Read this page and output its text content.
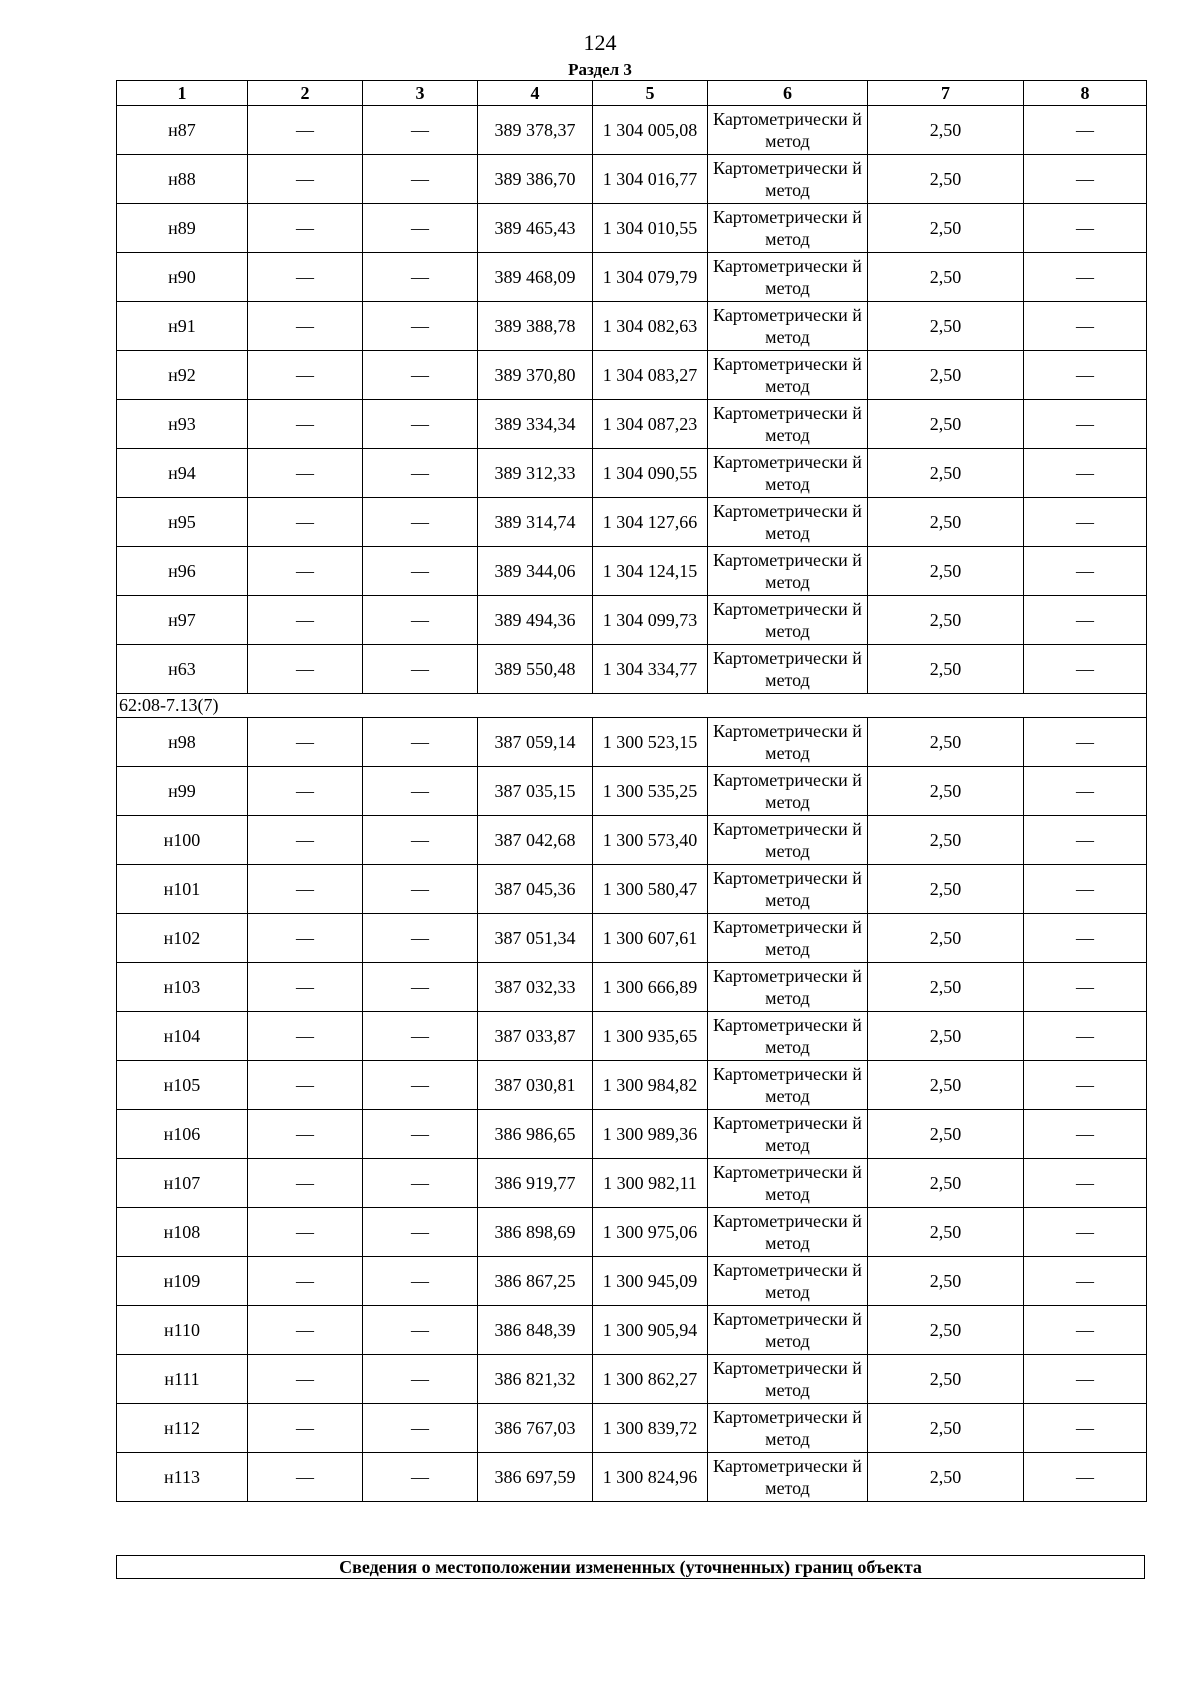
124
Раздел 3
1	2	3	4	5	6	7	8
н87	—	—	389 378,37	1 304 005,08	Картометрически й метод	2,50	—
н88	—	—	389 386,70	1 304 016,77	Картометрически й метод	2,50	—
н89	—	—	389 465,43	1 304 010,55	Картометрически й метод	2,50	—
н90	—	—	389 468,09	1 304 079,79	Картометрически й метод	2,50	—
н91	—	—	389 388,78	1 304 082,63	Картометрически й метод	2,50	—
н92	—	—	389 370,80	1 304 083,27	Картометрически й метод	2,50	—
н93	—	—	389 334,34	1 304 087,23	Картометрически й метод	2,50	—
н94	—	—	389 312,33	1 304 090,55	Картометрически й метод	2,50	—
н95	—	—	389 314,74	1 304 127,66	Картометрически й метод	2,50	—
н96	—	—	389 344,06	1 304 124,15	Картометрически й метод	2,50	—
н97	—	—	389 494,36	1 304 099,73	Картометрически й метод	2,50	—
н63	—	—	389 550,48	1 304 334,77	Картометрически й метод	2,50	—
62:08-7.13(7)							
н98	—	—	387 059,14	1 300 523,15	Картометрически й метод	2,50	—
н99	—	—	387 035,15	1 300 535,25	Картометрически й метод	2,50	—
н100	—	—	387 042,68	1 300 573,40	Картометрически й метод	2,50	—
н101	—	—	387 045,36	1 300 580,47	Картометрически й метод	2,50	—
н102	—	—	387 051,34	1 300 607,61	Картометрически й метод	2,50	—
н103	—	—	387 032,33	1 300 666,89	Картометрически й метод	2,50	—
н104	—	—	387 033,87	1 300 935,65	Картометрически й метод	2,50	—
н105	—	—	387 030,81	1 300 984,82	Картометрически й метод	2,50	—
н106	—	—	386 986,65	1 300 989,36	Картометрически й метод	2,50	—
н107	—	—	386 919,77	1 300 982,11	Картометрически й метод	2,50	—
н108	—	—	386 898,69	1 300 975,06	Картометрически й метод	2,50	—
н109	—	—	386 867,25	1 300 945,09	Картометрически й метод	2,50	—
н110	—	—	386 848,39	1 300 905,94	Картометрически й метод	2,50	—
н111	—	—	386 821,32	1 300 862,27	Картометрически й метод	2,50	—
н112	—	—	386 767,03	1 300 839,72	Картометрически й метод	2,50	—
н113	—	—	386 697,59	1 300 824,96	Картометрически й метод	2,50	—
Сведения о местоположении измененных (уточненных) границ объекта
